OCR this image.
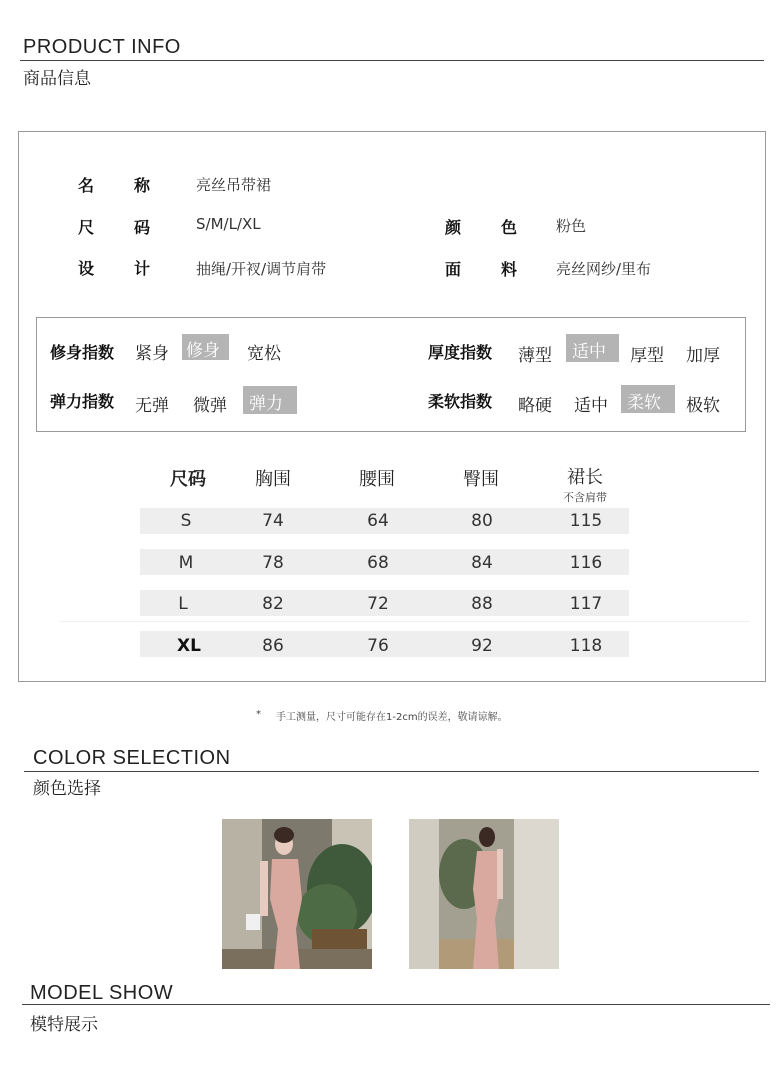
PRODUCT INFO
商品信息
名 称	亮丝吊带裙
尺 码	S/M/L/XL	颜 色	粉色
设 计	抽绳/开衩/调节肩带	面 料	亮丝网纱/里布
修身指数 紧身 修身	宽松	厚度指数 薄型	适中	厚型 加厚
弹力指数 无弹 微弹	弹力	柔软指数 略硬 适中	柔软	极软
尺码	胸围	腰围	臀围	裙长
不含肩带
S	74	64	80	115
M	78	68	84	116
L	82	72	88	117
XL	86	76	92	118
* 手工测量，尺寸可能存在1-2cm的误差，敬请谅解。
COLOR SELECTION
颜色选择
MODEL SHOW
模特展示
